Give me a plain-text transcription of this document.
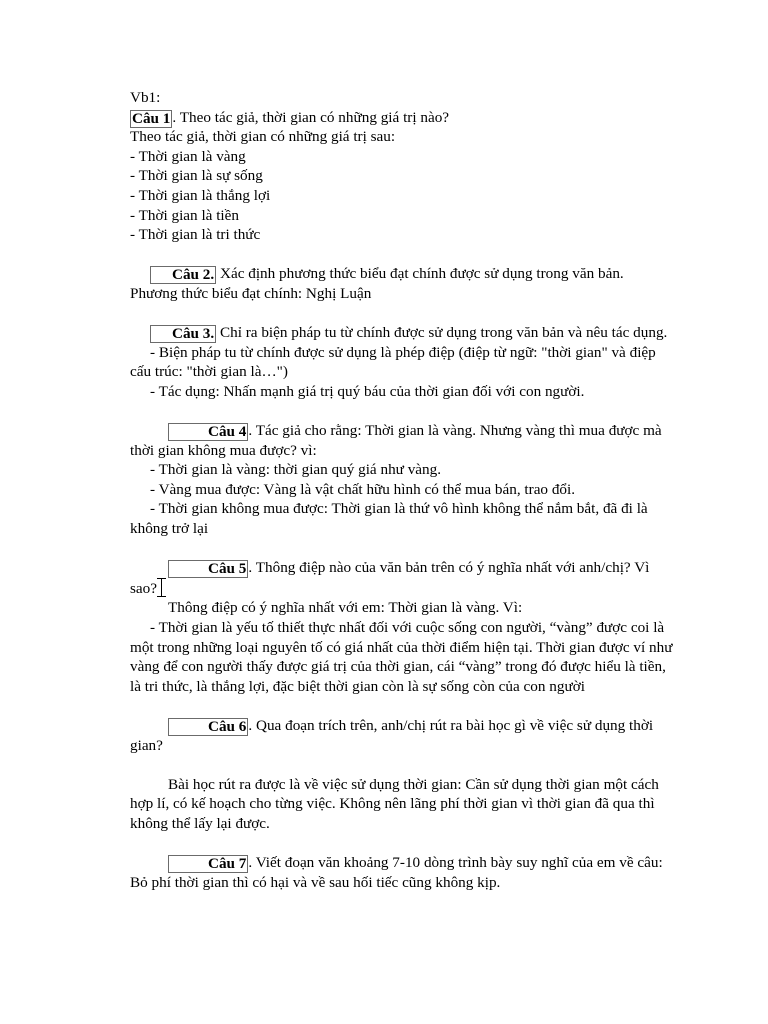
Vb1:

Câu 1 . Theo tác giả, thời gian có những giá trị nào?

Theo tác giả, thời gian có những giá trị sau:

- Thời gian là vàng

- Thời gian là sự sống

- Thời gian là thắng lợi

- Thời gian là tiền

- Thời gian là tri thức

Câu 2. Xác định phương thức biểu đạt chính được sử dụng trong văn bản.

Phương thức biểu đạt chính: Nghị Luận

Câu 3. Chỉ ra biện pháp tu từ chính được sử dụng trong văn bản và nêu tác dụng.

- Biện pháp tu từ chính được sử dụng là phép điệp (điệp từ ngữ: "thời gian" và điệp cấu trúc: "thời gian là…")

- Tác dụng: Nhấn mạnh giá trị quý báu của thời gian đối với con người.

Câu 4 . Tác giả cho rằng: Thời gian là vàng. Nhưng vàng thì mua được mà thời gian không mua được? vì:

- Thời gian là vàng: thời gian quý giá như vàng.

- Vàng mua được: Vàng là vật chất hữu hình có thể mua bán, trao đổi.

- Thời gian không mua được: Thời gian là thứ vô hình không thể nắm bắt, đã đi là không trở lại

Câu 5 . Thông điệp nào của văn bản trên có ý nghĩa nhất với anh/chị? Vì sao?

Thông điệp có ý nghĩa nhất với em: Thời gian là vàng. Vì:

- Thời gian là yếu tố thiết thực nhất đối với cuộc sống con người, “vàng” được coi là một trong những loại nguyên tố có giá nhất của thời điểm hiện tại. Thời gian được ví như vàng để con người thấy được giá trị của thời gian, cái “vàng” trong đó được hiểu là tiền, là tri thức, là thắng lợi, đặc biệt thời gian còn là sự sống còn của con người

Câu 6 . Qua đoạn trích trên, anh/chị rút ra bài học gì về việc sử dụng thời gian?

Bài học rút ra được là về việc sử dụng thời gian: Cần sử dụng thời gian một cách hợp lí, có kế hoạch cho từng việc. Không nên lãng phí thời gian vì thời gian đã qua thì không thể lấy lại được.

Câu 7 . Viết đoạn văn khoảng 7-10 dòng trình bày suy nghĩ của em về câu: Bỏ phí thời gian thì có hại và về sau hối tiếc cũng không kịp.
